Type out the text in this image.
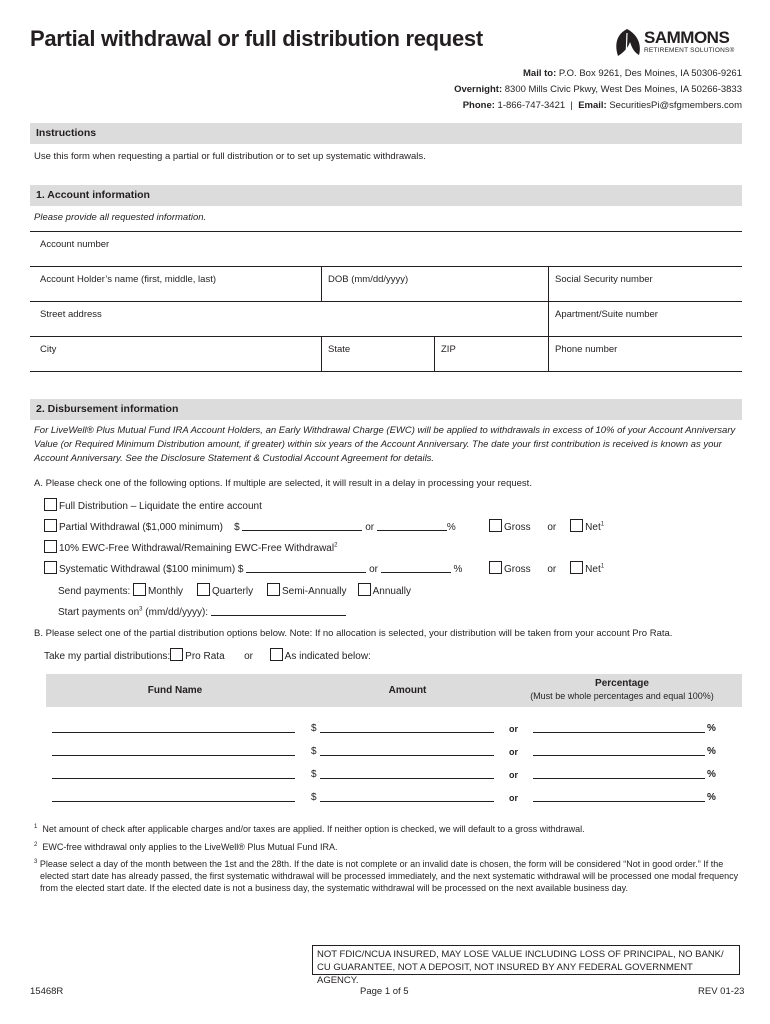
Partial withdrawal or full distribution request	SAMMONS
RETIREMENT SOLUTIONS®
Mail to: P.O. Box 9261, Des Moines, IA 50306-9261
Overnight: 8300 Mills Civic Pkwy, West Des Moines, IA 50266-3833
Phone: 1-866-747-3421  |  Email: SecuritiesPi@sfgmembers.com
Instructions
Use this form when requesting a partial or full distribution or to set up systematic withdrawals.
1. Account information
Please provide all requested information.
Account number
Account Holder’s name (first, middle, last)	DOB (mm/dd/yyyy)	Social Security number
Street address	Apartment/Suite number
City	State	ZIP	Phone number
2. Disbursement information
For LiveWell® Plus Mutual Fund IRA Account Holders, an Early Withdrawal Charge (EWC) will be applied to withdrawals in excess of 10% of your Account Anniversary Value (or Required Minimum Distribution amount, if greater) within six years of the Account Anniversary. The date your first contribution is received is known as your Account Anniversary. See the Disclosure Statement & Custodial Account Agreement for details.
A. Please check one of the following options. If multiple are selected, it will result in a delay in processing your request.
Full Distribution – Liquidate the entire account
Partial Withdrawal ($1,000 minimum) $	or	%	Gross or	Net$^1$
10% EWC-Free Withdrawal/Remaining EWC-Free Withdrawal$^2$
Systematic Withdrawal ($100 minimum) $	or	%	Gross or	Net$^1$
Send payments: Monthly	Quarterly	Semi-Annually	Annually
Start payments $on^3$ (mm/dd/yyyy):
B. Please select one of the partial distribution options below. Note: If no allocation is selected, your distribution will be taken from your account Pro Rata.
Take my partial distributions: Pro Rata or	As indicated below:
Fund Name	Amount
Percentage
(Must be whole percentages and equal 100%)
$	or	%
$	or	%
$	or	%
$	or	%
$^1$ Net amount of check after applicable charges and/or taxes are applied. If neither option is checked, we will default to a gross withdrawal.
$^2$ EWC-free withdrawal only applies to the LiveWell® Plus Mutual Fund IRA.
$^3$ Please select a day of the month between the 1st and the 28th. If the date is not complete or an invalid date is chosen, the form will be considered “Not in good order.” If the elected start date has already passed, the first systematic withdrawal will be processed immediately, and the next systematic withdrawal will be processed one modal frequency from the elected start date. If the elected date is not a business day, the systematic withdrawal will be processed on the next available business day.
NOT FDIC/NCUA INSURED, MAY LOSE VALUE INCLUDING LOSS OF PRINCIPAL, NO BANK/ CU GUARANTEE, NOT A DEPOSIT, NOT INSURED BY ANY FEDERAL GOVERNMENT AGENCY.
15468R	Page 1 of 5	REV 01-23
